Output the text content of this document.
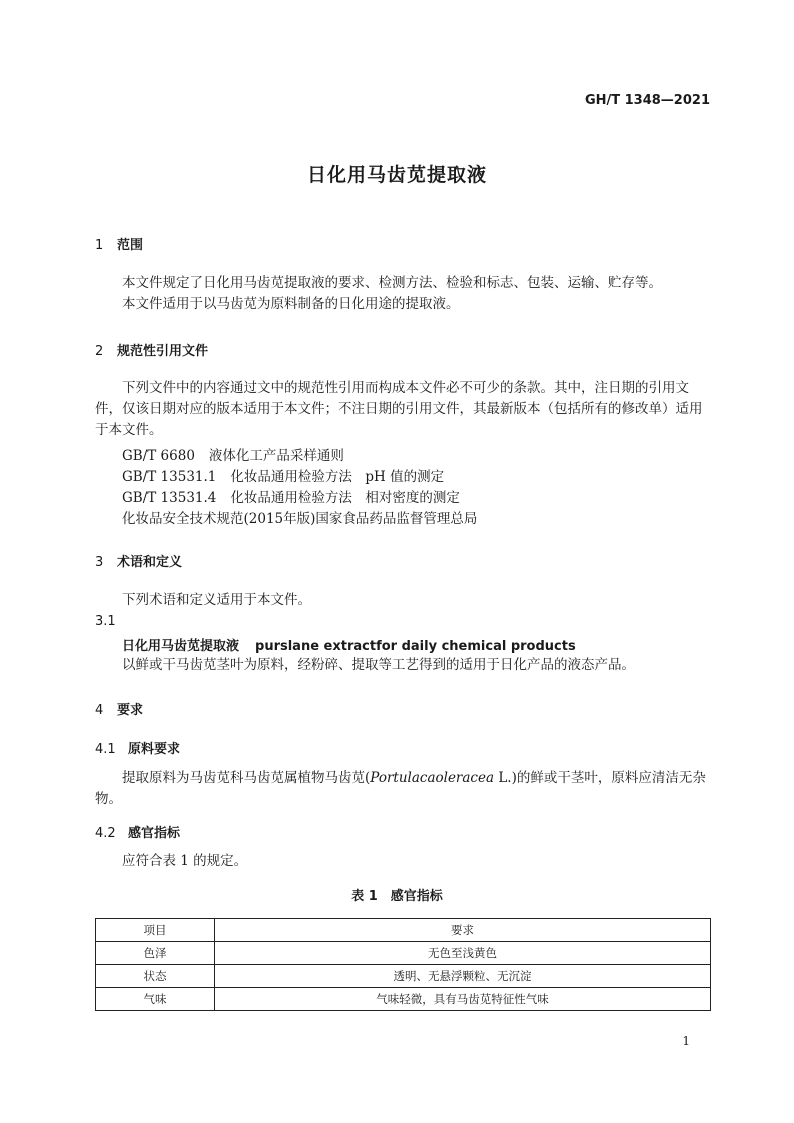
GH/T 1348—2021
日化用马齿苋提取液
1 范围
本文件规定了日化用马齿苋提取液的要求、检测方法、检验和标志、包装、运输、贮存等。
本文件适用于以马齿苋为原料制备的日化用途的提取液。
2 规范性引用文件
下列文件中的内容通过文中的规范性引用而构成本文件必不可少的条款。其中，注日期的引用文件，仅该日期对应的版本适用于本文件；不注日期的引用文件，其最新版本（包括所有的修改单）适用于本文件。
GB/T 6680 液体化工产品采样通则
GB/T 13531.1 化妆品通用检验方法　pH 值的测定
GB/T 13531.4 化妆品通用检验方法　相对密度的测定
化妆品安全技术规范(2015年版)国家食品药品监督管理总局
3 术语和定义
下列术语和定义适用于本文件。
3.1
日化用马齿苋提取液 purslane extractfor daily chemical products
以鲜或干马齿苋茎叶为原料，经粉碎、提取等工艺得到的适用于日化产品的液态产品。
4 要求
4.1 原料要求
提取原料为马齿苋科马齿苋属植物马齿苋(Portulacaoleracea L.)的鲜或干茎叶，原料应清洁无杂物。
4.2 感官指标
应符合表 1 的规定。
表 1　感官指标
项目	要求
色泽	无色至浅黄色
状态	透明、无悬浮颗粒、无沉淀
气味	气味轻微，具有马齿苋特征性气味
1
